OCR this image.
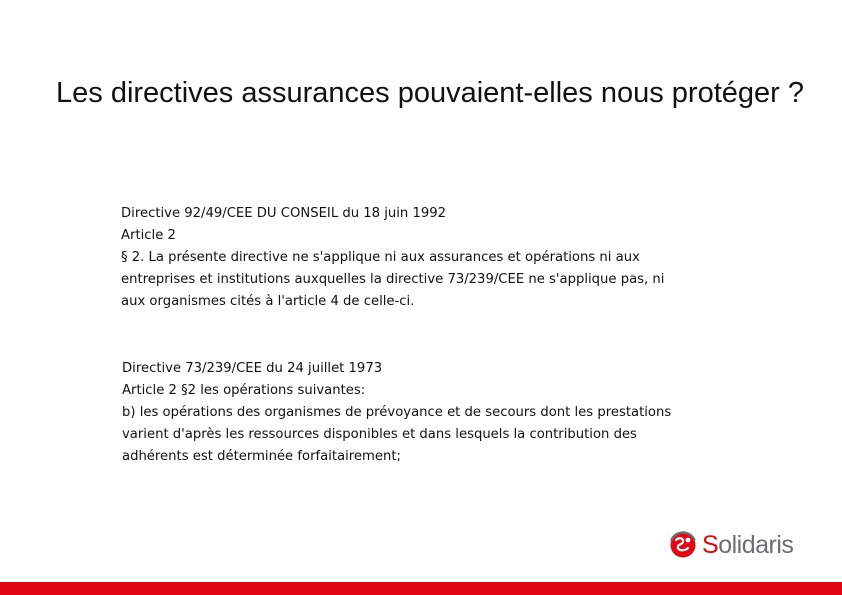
Les directives assurances pouvaient-elles nous protéger ?
Directive 92/49/CEE DU CONSEIL du 18 juin 1992
Article 2
§ 2. La présente directive ne s'applique ni aux assurances et opérations ni aux
entreprises et institutions auxquelles la directive 73/239/CEE ne s'applique pas, ni
aux organismes cités à l'article 4 de celle-ci.
Directive 73/239/CEE du 24 juillet 1973
Article 2 §2 les opérations suivantes:
b) les opérations des organismes de prévoyance et de secours dont les prestations
varient d'après les ressources disponibles et dans lesquels la contribution des
adhérents est déterminée forfaitairement;
Solidaris
